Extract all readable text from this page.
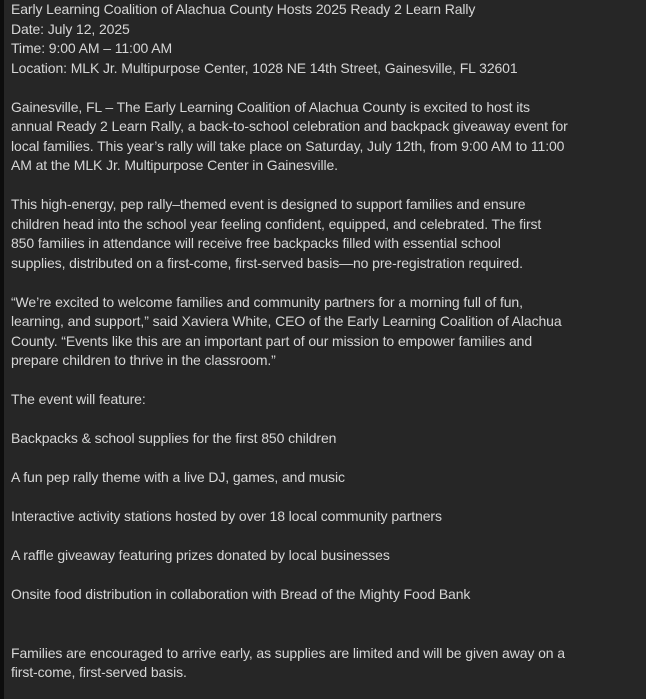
Early Learning Coalition of Alachua County Hosts 2025 Ready 2 Learn Rally
Date: July 12, 2025
Time: 9:00 AM – 11:00 AM
Location: MLK Jr. Multipurpose Center, 1028 NE 14th Street, Gainesville, FL 32601
Gainesville, FL – The Early Learning Coalition of Alachua County is excited to host its
annual Ready 2 Learn Rally, a back-to-school celebration and backpack giveaway event for
local families. This year’s rally will take place on Saturday, July 12th, from 9:00 AM to 11:00
AM at the MLK Jr. Multipurpose Center in Gainesville.
This high-energy, pep rally–themed event is designed to support families and ensure
children head into the school year feeling confident, equipped, and celebrated. The first
850 families in attendance will receive free backpacks filled with essential school
supplies, distributed on a first-come, first-served basis—no pre-registration required.
“We’re excited to welcome families and community partners for a morning full of fun,
learning, and support,” said Xaviera White, CEO of the Early Learning Coalition of Alachua
County. “Events like this are an important part of our mission to empower families and
prepare children to thrive in the classroom.”
The event will feature:
Backpacks & school supplies for the first 850 children
A fun pep rally theme with a live DJ, games, and music
Interactive activity stations hosted by over 18 local community partners
A raffle giveaway featuring prizes donated by local businesses
Onsite food distribution in collaboration with Bread of the Mighty Food Bank
Families are encouraged to arrive early, as supplies are limited and will be given away on a
first-come, first-served basis.
